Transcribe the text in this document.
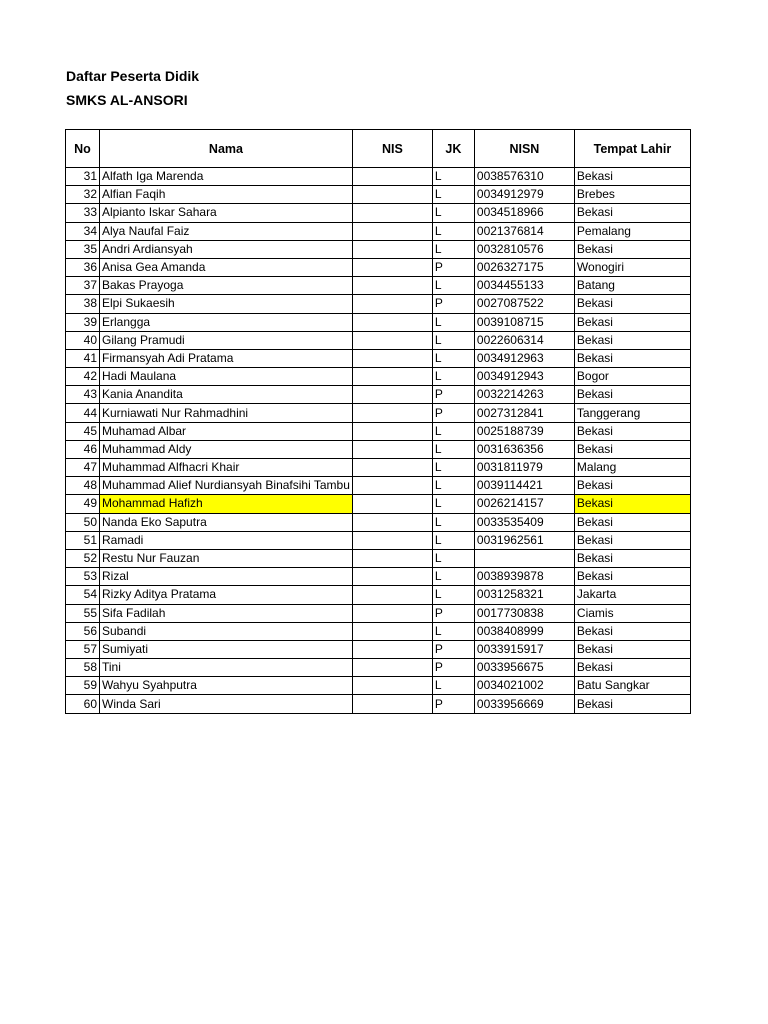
Daftar Peserta Didik
SMKS AL-ANSORI
No	Nama	NIS	JK	NISN	Tempat Lahir
31	Alfath Iga Marenda		L	0038576310	Bekasi
32	Alfian Faqih		L	0034912979	Brebes
33	Alpianto Iskar Sahara		L	0034518966	Bekasi
34	Alya Naufal Faiz		L	0021376814	Pemalang
35	Andri Ardiansyah		L	0032810576	Bekasi
36	Anisa Gea Amanda		P	0026327175	Wonogiri
37	Bakas Prayoga		L	0034455133	Batang
38	Elpi Sukaesih		P	0027087522	Bekasi
39	Erlangga		L	0039108715	Bekasi
40	Gilang Pramudi		L	0022606314	Bekasi
41	Firmansyah Adi Pratama		L	0034912963	Bekasi
42	Hadi Maulana		L	0034912943	Bogor
43	Kania Anandita		P	0032214263	Bekasi
44	Kurniawati Nur Rahmadhini		P	0027312841	Tanggerang
45	Muhamad Albar		L	0025188739	Bekasi
46	Muhammad Aldy		L	0031636356	Bekasi
47	Muhammad Alfhacri Khair		L	0031811979	Malang
48	Muhammad Alief Nurdiansyah Binafsihi Tambu		L	0039114421	Bekasi
49	Mohammad Hafizh		L	0026214157	Bekasi
50	Nanda Eko Saputra		L	0033535409	Bekasi
51	Ramadi		L	0031962561	Bekasi
52	Restu Nur Fauzan		L		Bekasi
53	Rizal		L	0038939878	Bekasi
54	Rizky Aditya Pratama		L	0031258321	Jakarta
55	Sifa Fadilah		P	0017730838	Ciamis
56	Subandi		L	0038408999	Bekasi
57	Sumiyati		P	0033915917	Bekasi
58	Tini		P	0033956675	Bekasi
59	Wahyu Syahputra		L	0034021002	Batu Sangkar
60	Winda Sari		P	0033956669	Bekasi
